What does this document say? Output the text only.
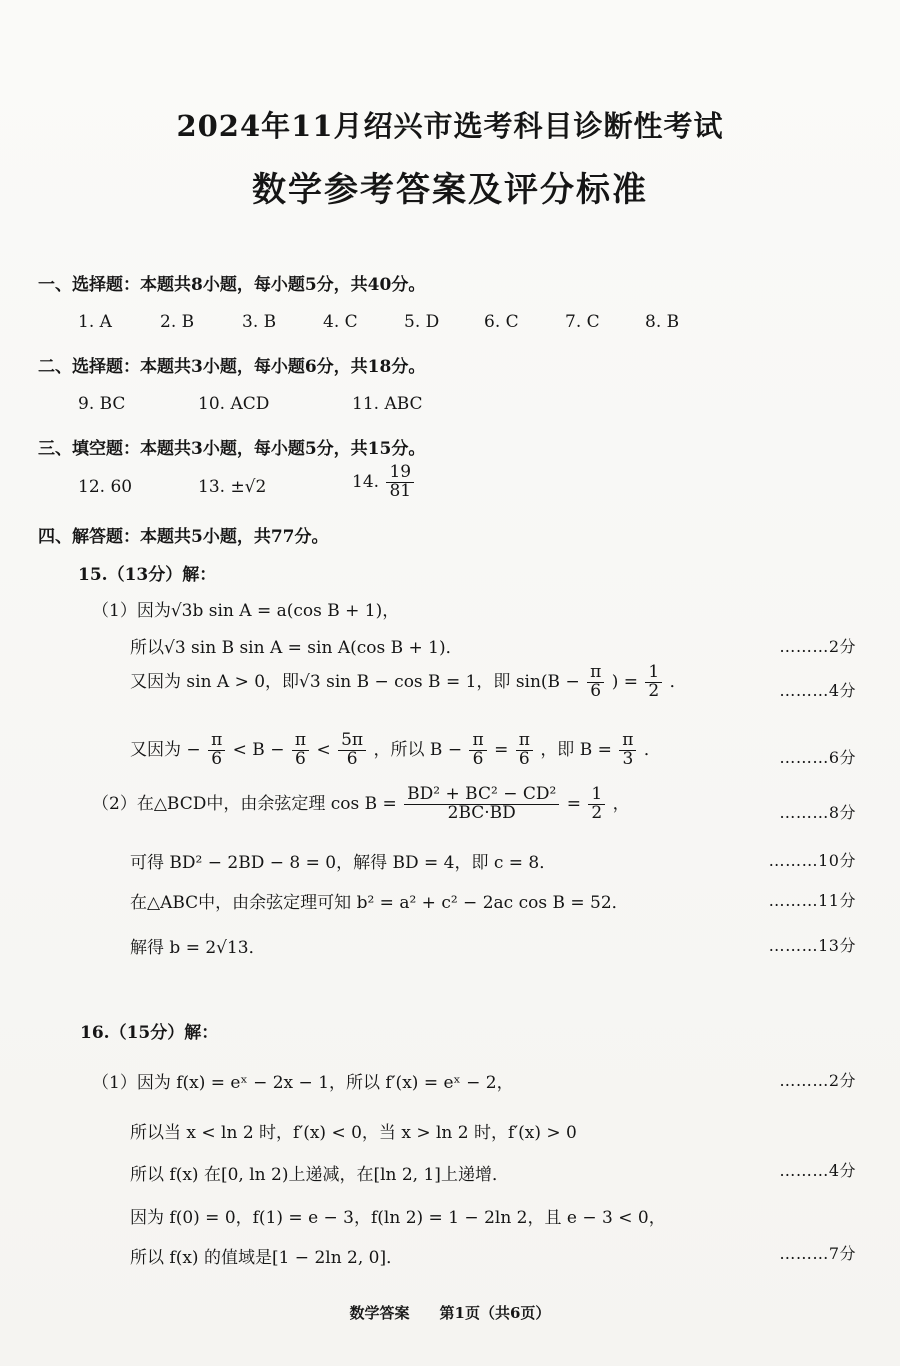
2024年11月绍兴市选考科目诊断性考试
数学参考答案及评分标准
一、选择题：本题共8小题，每小题5分，共40分。
1. A	2. B	3. B	4. C	5. D	6. C	7. C	8. B
二、选择题：本题共3小题，每小题6分，共18分。
9. BC	10. ACD	11. ABC
三、填空题：本题共3小题，每小题5分，共15分。
12. 60	13. ±√2	14. $\frac{19}{81}$
四、解答题：本题共5小题，共77分。
15.（13分）解：
（1）因为√3b sin A = a(cos B + 1)，
所以√3 sin B sin A = sin A(cos B + 1)．	………2分
又因为 sin A > 0，即√3 sin B − cos B = 1，即 $\sin(B - \frac{\pi}{6}$ ) = $\frac{1}{2}$ ．	………4分
又因为 − $\frac{\pi}{6} < B - \frac{\pi}{6} < \frac{5\pi}{6}$ ，所以 $B - \frac{\pi}{6} = \frac{\pi}{6}$ ，即 $B = \frac{\pi}{3}$ ．	………6分
（2）在△BCD中，由余弦定理 $\cos B = \frac{\text{BD² + BC² − CD²}}{2BC\cdot BD} = \frac{1}{2}$ ，	………8分
可得 BD² − 2BD − 8 = 0，解得 BD = 4，即 c = 8．	………10分
在△ABC中，由余弦定理可知 b² = a² + c² − 2ac cos B = 52．	………11分
解得 b = 2√13．	………13分
16.（15分）解：
（1）因为 f(x) = eˣ − 2x − 1，所以 f′(x) = eˣ − 2，	………2分
所以当 x < ln 2 时，f′(x) < 0，当 x > ln 2 时，f′(x) > 0
所以 f(x) 在[0, ln 2)上递减，在[ln 2, 1]上递增．	………4分
因为 f(0) = 0，f(1) = e − 3，f(ln 2) = 1 − 2ln 2，且 e − 3 < 0，
所以 f(x) 的值域是[1 − 2ln 2, 0]．	………7分
数学答案　　第1页（共6页）
